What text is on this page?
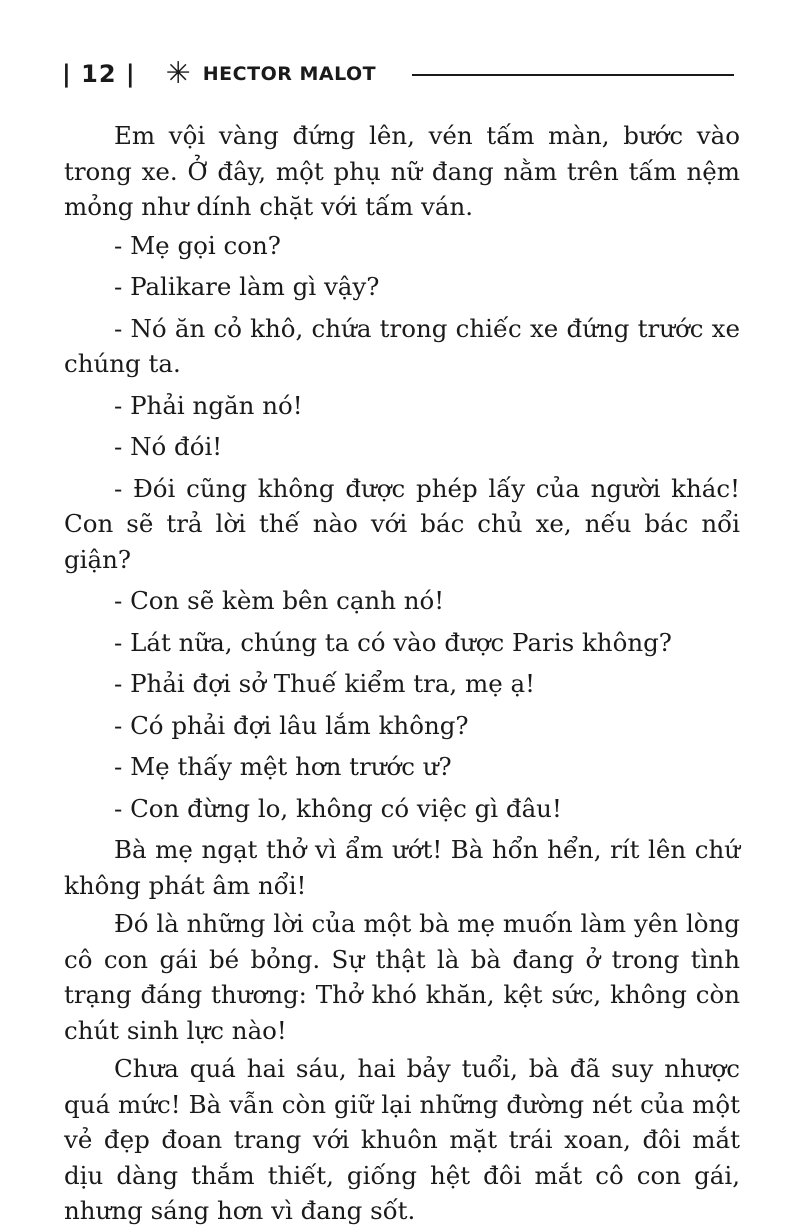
| 12 | ✳ HECTOR MALOT

Em vội vàng đứng lên, vén tấm màn, bước vào trong xe. Ở đây, một phụ nữ đang nằm trên tấm nệm mỏng như dính chặt với tấm ván.

- Mẹ gọi con?

- Palikare làm gì vậy?

- Nó ăn cỏ khô, chứa trong chiếc xe đứng trước xe chúng ta.

- Phải ngăn nó!

- Nó đói!

- Đói cũng không được phép lấy của người khác! Con sẽ trả lời thế nào với bác chủ xe, nếu bác nổi giận?

- Con sẽ kèm bên cạnh nó!

- Lát nữa, chúng ta có vào được Paris không?

- Phải đợi sở Thuế kiểm tra, mẹ ạ!

- Có phải đợi lâu lắm không?

- Mẹ thấy mệt hơn trước ư?

- Con đừng lo, không có việc gì đâu!

Bà mẹ ngạt thở vì ẩm ướt! Bà hổn hển, rít lên chứ không phát âm nổi!

Đó là những lời của một bà mẹ muốn làm yên lòng cô con gái bé bỏng. Sự thật là bà đang ở trong tình trạng đáng thương: Thở khó khăn, kệt sức, không còn chút sinh lực nào!

Chưa quá hai sáu, hai bảy tuổi, bà đã suy nhược quá mức! Bà vẫn còn giữ lại những đường nét của một vẻ đẹp đoan trang với khuôn mặt trái xoan, đôi mắt dịu dàng thắm thiết, giống hệt đôi mắt cô con gái, nhưng sáng hơn vì đang sốt.
